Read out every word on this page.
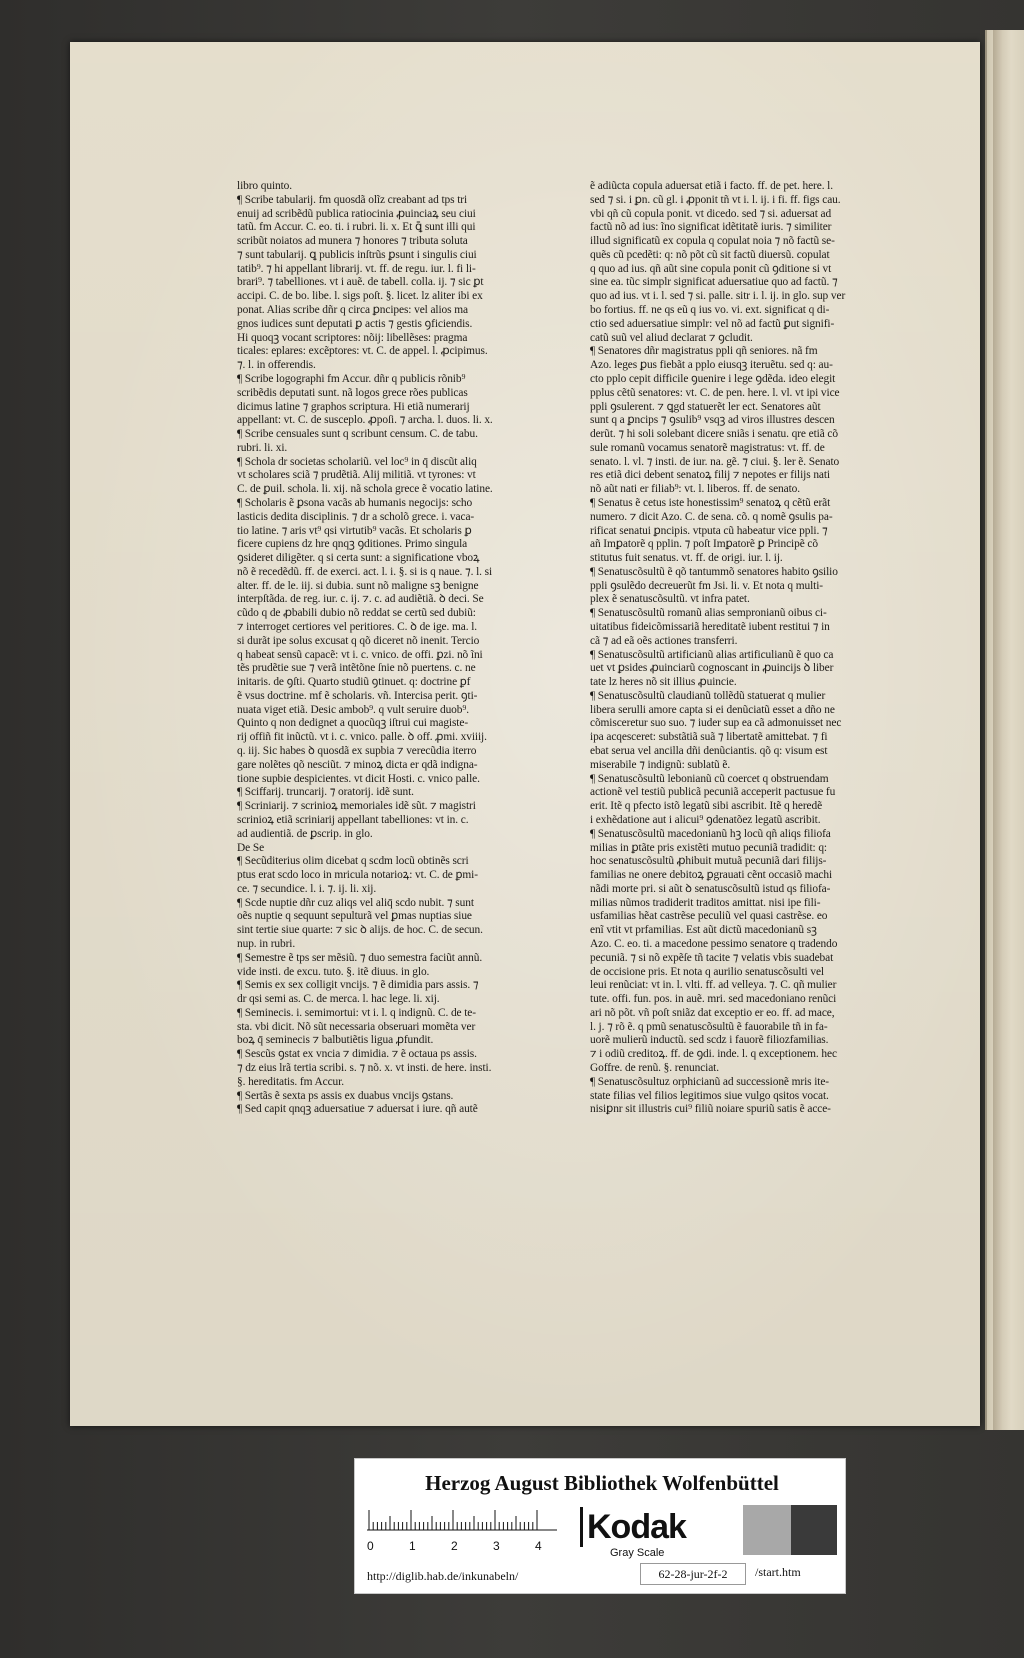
libro quinto.

¶ Scribe tabularij. fm quosdã olĩz creabant ad tps tri

enuij ad scribẽdũ publica ratiocinia ꝓuinciaꝝ seu ciui

tatũ. fm Accur. C. eo. ti. i rubri. li. x. Et ꝗ̄ sunt illi qui

scribũt noiatos ad munera ⁊ honores ⁊ tributa soluta

⁊ sunt tabularij. ꝗ publicis inſtrũs ꝑsunt i singulis ciui

tatib⁹. ⁊ hi appellant librarij. vt. ff. de regu. iur. l. fi li-

brari⁹. ⁊ tabelliones. vt i auẽ. de tabell. colla. ij. ⁊ sic ꝑt

accipi. C. de bo. libe. l. sigs poſt. §. licet. lz aliter ibi ex

ponat. Alias scribe dñr q circa ꝑncipes: vel alios ma

gnos iudices sunt deputati ꝑ actis ⁊ gestis ꝯficiendis.

Hi quoqꝫ vocant scriptores: nõij: libellẽses: pragma

ticales: eplares: excẽptores: vt. C. de appel. l. ꝓcipimus.

⁊. l. in offerendis.

¶ Scribe logographi fm Accur. dñr q publicis rõnib⁹

scribẽdis deputati sunt. nã logos grece rões publicas

dicimus latine ⁊ graphos scriptura. Hi etiã numerarij

appellant: vt. C. de susceplo. ꝓpoſi. ⁊ archa. l. duos. li. x.

¶ Scribe censuales sunt q scribunt censum. C. de tabu.

rubri. li. xi.

¶ Schola dr societas scholariũ. vel loc⁹ in q̄ discũt aliq

vt scholares sciã ⁊ prudẽtiã. Alij militiã. vt tyrones: vt

C. de ꝑuil. schola. li. xij. nã schola grece ẽ vocatio latine.

¶ Scholaris ẽ ꝑsona vacãs ab humanis negocijs: scho

lasticis dedita disciplinis. ⁊ dr a scholõ grece. i. vaca-

tio latine. ⁊ aris vt⁹ qsi virtutib⁹ vacãs. Et scholaris ꝑ

ficere cupiens dz hre qnqꝫ ꝯditiones. Primo singula

ꝯsideret diligẽter. q si certa sunt: a significatione vboꝝ

nõ ẽ recedẽdũ. ff. de exerci. act. l. i. §. si is q naue. ⁊. l. si

alter. ff. de le. iij. si dubia. sunt nõ maligne sꝫ benigne

interpſtãda. de reg. iur. c. ij. ⁊. c. ad audiẽtiã. ꝺ deci. Se

cũdo q de ꝓbabili dubio nõ reddat se certũ sed dubiũ:

⁊ interroget certiores vel peritiores. C. ꝺ de ige. ma. l.

si durãt ipe solus excusat q qõ diceret nõ inenit. Tercio

q habeat sensũ capacẽ: vt i. c. vnico. de offi. ꝑzi. nõ ĩni

tẽs prudẽtie sue ⁊ verã intẽtõne ſnie nõ puertens. c. ne

initaris. de ꝯſti. Quarto studiũ ꝯtinuet. q: doctrine ꝑf

ẽ vsus doctrine. mf ẽ scholaris. vñ. Intercisa perit. ꝯti-

nuata viget etiã. Desic ambob⁹. q vult seruire duob⁹.

Quinto q non dedignet a quocũqꝫ iſtrui cui magiste-

rij offiñ fit inũctũ. vt i. c. vnico. palle. ꝺ off. ꝓmi. xviiij.

q. iij. Sic habes ꝺ quosdã ex supbia ⁊ verecũdia iterro

gare nolẽtes qõ nesciũt. ⁊ minoꝝ dicta er qdã indigna-

tione supbie despicientes. vt dicit Hosti. c. vnico palle.

¶ Sciffarij. truncarij. ⁊ oratorij. idẽ sunt.

¶ Scriniarij. ⁊ scrinioꝝ memoriales idẽ sũt. ⁊ magistri

scrinioꝝ etiã scriniarij appellant tabelliones: vt in. c.

ad audientiã. de ꝑscrip. in glo.

De Se

¶ Secũditerius olim dicebat q scdm locũ obtinẽs scri

ptus erat scdo loco in mricula notarioꝝ: vt. C. de ꝑmi-

ce. ⁊ secundice. l. i. ⁊. ij. li. xij.

¶ Scde nuptie dñr cuz aliqs vel aliq̄ scdo nubit. ⁊ sunt

oẽs nuptie q sequunt sepulturã vel ꝑmas nuptias siue

sint tertie siue quarte: ⁊ sic ꝺ alijs. de hoc. C. de secun.

nup. in rubri.

¶ Semestre ẽ tps ser mẽsiũ. ⁊ duo semestra faciũt annũ.

vide insti. de excu. tuto. §. itẽ diuus. in glo.

¶ Semis ex sex colligit vncijs. ⁊ ẽ dimidia pars assis. ⁊

dr qsi semi as. C. de merca. l. hac lege. li. xij.

¶ Seminecis. i. semimortui: vt i. l. q indignũ. C. de te-

sta. vbi dicit. Nõ sũt necessaria obseruari momẽta ver

boꝝ q̄ seminecis ⁊ balbutiẽtis ligua ꝓfundit.

¶ Sescũs ꝯstat ex vncia ⁊ dimidia. ⁊ ẽ octaua ps assis.

⁊ dz eius lrã tertia scribi. s. ⁊ nõ. x. vt insti. de here. insti.

§. hereditatis. fm Accur.

¶ Sertãs ẽ sexta ps assis ex duabus vncijs ꝯstans.

¶ Sed capit qnqꝫ aduersatiue ⁊ aduersat i iure. qñ autẽ

ẽ adiũcta copula aduersat etiã i facto. ff. de pet. here. l.

sed ⁊ si. i ꝑn. cũ gl. i ꝓponit tñ vt i. l. ij. i fi. ff. figs cau.

vbi qñ cũ copula ponit. vt dicedo. sed ⁊ si. aduersat ad

factũ nõ ad ius: ĩno significat idẽtitatẽ iuris. ⁊ similiter

illud significatũ ex copula q copulat noia ⁊ nõ factũ se-

quẽs cũ pcedẽti: q: nõ põt cũ sit factũ diuersũ. copulat

q quo ad ius. qñ aũt sine copula ponit cũ ꝯditione si vt

sine ea. tũc simplr significat aduersatiue quo ad factũ. ⁊

quo ad ius. vt i. l. sed ⁊ si. palle. sitr i. l. ij. in glo. sup ver

bo fortius. ff. ne qs eũ q ius vo. vi. ext. significat q di-

ctio sed aduersatiue simplr: vel nõ ad factũ ꝑut signifi-

catũ suũ vel aliud declarat ⁊ ꝯcludit.

¶ Senatores dñr magistratus ppli qñ seniores. nã fm

Azo. leges ꝑus fiebãt a pplo eiusqꝫ iteruẽtu. sed q: au-

cto pplo cepit difficile ꝯuenire i lege ꝯdẽda. ideo elegit

pplus cẽtũ senatores: vt. C. de pen. here. l. vl. vt ipi vice

ppli ꝯsulerent. ⁊ ꝗgd statuerẽt ler ect. Senatores aũt

sunt q a ꝑncips ⁊ ꝯsulib⁹ vsqꝫ ad viros illustres descen

derũt. ⁊ hi soli solebant dicere sniãs i senatu. qre etiã cõ

sule romanũ vocamus senatorẽ magistratus: vt. ff. de

senato. l. vl. ⁊ insti. de iur. na. gẽ. ⁊ ciui. §. ler ẽ. Senato

res etiã dici debent senatoꝝ filij ⁊ nepotes er filijs nati

nõ aũt nati er filiab⁹: vt. l. liberos. ff. de senato.

¶ Senatus ẽ cetus iste honestissim⁹ senatoꝝ q cẽtũ erãt

numero. ⁊ dicit Azo. C. de sena. cõ. q nomẽ ꝯsulis pa-

rificat senatui ꝑncipis. vtputa cũ habeatur vice ppli. ⁊

añ Imꝑatorẽ q pplin. ⁊ poſt Imꝑatorẽ ꝑ Principẽ cõ

stitutus fuit senatus. vt. ff. de origi. iur. l. ij.

¶ Senatuscõsultũ ẽ qõ tantummõ senatores habito ꝯsilio

ppli ꝯsulẽdo decreuerũt fm Jsi. li. v. Et nota q multi-

plex ẽ senatuscõsultũ. vt infra patet.

¶ Senatuscõsultũ romanũ alias sempronianũ oibus ci-

uitatibus fideicõmissariã hereditatẽ iubent restitui ⁊ in

cã ⁊ ad eã oẽs actiones transferri.

¶ Senatuscõsultũ artificianũ alias artificulianũ ẽ quo ca

uet vt ꝑsides ꝓuinciarũ cognoscant in ꝓuincijs ꝺ liber

tate lz heres nõ sit illius ꝓuincie.

¶ Senatuscõsultũ claudianũ tollẽdũ statuerat q mulier

libera serulli amore capta si ei denũciatũ esset a dño ne

cõmisceretur suo suo. ⁊ iuder sup ea cã admonuisset nec

ipa acqesceret: substãtiã suã ⁊ libertatẽ amittebat. ⁊ fi

ebat serua vel ancilla dñi denũciantis. qõ q: visum est

miserabile ⁊ indignũ: sublatũ ẽ.

¶ Senatuscõsultũ lebonianũ cũ coercet q obstruendam

actionẽ vel testiũ publicã pecuniã acceperit pactusue fu

erit. Itẽ q pfecto istõ legatũ sibi ascribit. Itẽ q heredẽ

i exhẽdatione aut i alicui⁹ ꝯdenatõez legatũ ascribit.

¶ Senatuscõsultũ macedonianũ hꝫ locũ qñ aliqs filiofa

milias in ꝑtãte pris existẽti mutuo pecuniã tradidit: q:

hoc senatuscõsultũ ꝓhibuit mutuã pecuniã dari filijs-

familias ne onere debitoꝝ ꝑgrauati cẽnt occasiõ machi

nãdi morte pri. si aũt ꝺ senatuscõsultũ istud qs filiofa-

milias nũmos tradiderit traditos amittat. nisi ipe fili-

usfamilias hẽat castrẽse peculiũ vel quasi castrẽse. eo

enĩ vtit vt prfamilias. Est aũt dictũ macedonianũ sꝫ

Azo. C. eo. ti. a macedone pessimo senatore q tradendo

pecuniã. ⁊ si nõ expẽſe tñ tacite ⁊ velatis vbis suadebat

de occisione pris. Et nota q aurilio senatuscõsulti vel

leui renũciat: vt in. l. vlti. ff. ad velleya. ⁊. C. qñ mulier

tute. offi. fun. pos. in auẽ. mri. sed macedoniano renũci

ari nõ põt. vñ poſt sniãz dat exceptio er eo. ff. ad mace,

l. j. ⁊ rõ ẽ. q pmũ senatuscõsultũ ẽ fauorabile tñ in fa-

uorẽ mulierũ inductũ. sed scdz i fauorẽ filiozfamilias.

⁊ i odiũ creditoꝝ. ff. de ꝯdi. inde. l. q exceptionem. hec

Goffre. de renũ. §. renunciat.

¶ Senatuscõsultuz orphicianũ ad successionẽ mris ite-

state filias vel filios legitimos siue vulgo qsitos vocat.

nisiꝑnr sit illustris cui⁹ filiũ noiare spuriũ satis ẽ acce-

Herzog August Bibliothek Wolfenbüttel
0	1	2	3	4 Kodak
Gray Scale
http://diglib.hab.de/inkunabeln/	62-28-jur-2f-2	/start.htm
